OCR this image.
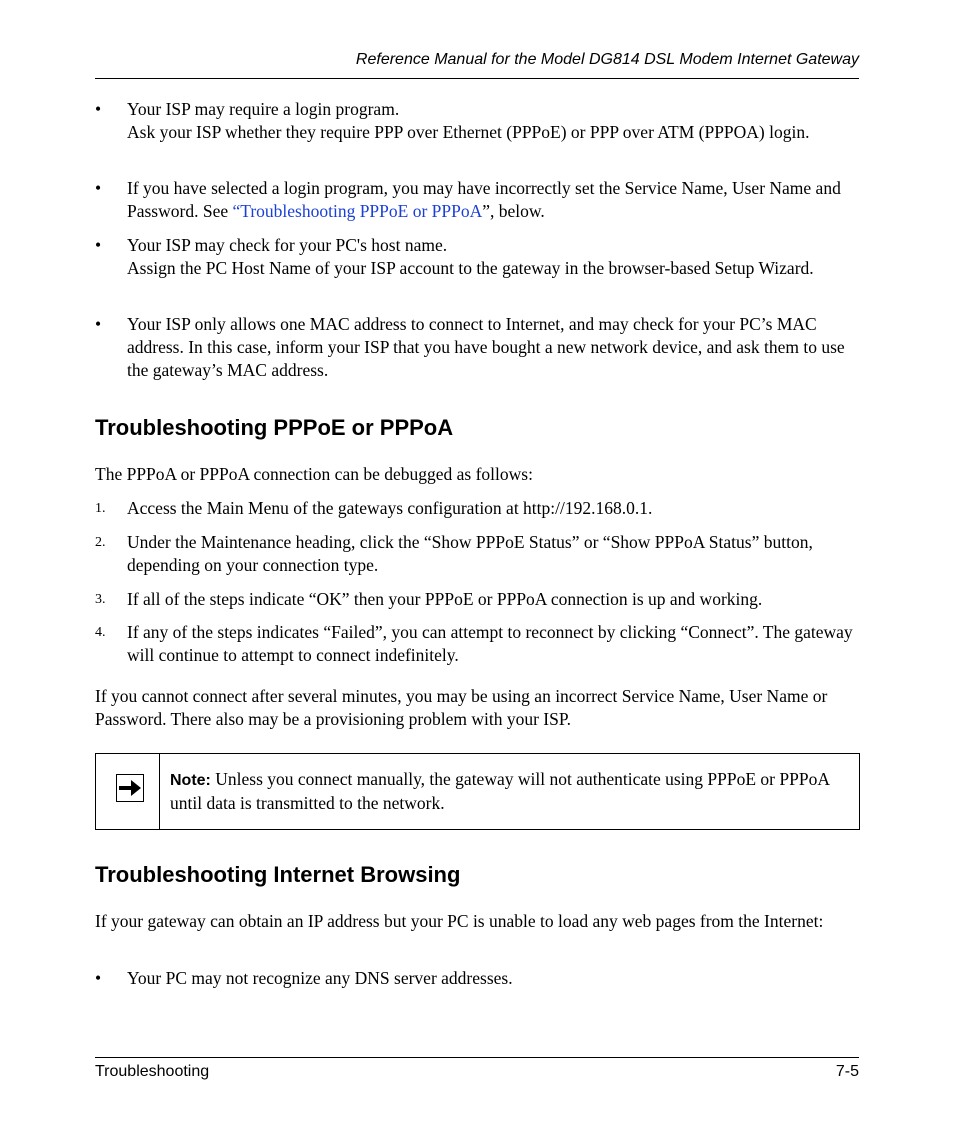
Reference Manual for the Model DG814 DSL Modem Internet Gateway
•	Your ISP may require a login program.
Ask your ISP whether they require PPP over Ethernet (PPPoE) or PPP over ATM (PPPOA) login.
•	If you have selected a login program, you may have incorrectly set the Service Name, User Name and Password. See “Troubleshooting PPPoE or PPPoA”, below.
•	Your ISP may check for your PC's host name.
Assign the PC Host Name of your ISP account to the gateway in the browser-based Setup Wizard.
•	Your ISP only allows one MAC address to connect to Internet, and may check for your PC’s MAC address. In this case, inform your ISP that you have bought a new network device, and ask them to use the gateway’s MAC address.
Troubleshooting PPPoE or PPPoA
The PPPoA or PPPoA connection can be debugged as follows:
1.	Access the Main Menu of the gateways configuration at http://192.168.0.1.
2.	Under the Maintenance heading, click the “Show PPPoE Status” or “Show PPPoA Status” button, depending on your connection type.
3.	If all of the steps indicate “OK” then your PPPoE or PPPoA connection is up and working.
4.	If any of the steps indicates “Failed”, you can attempt to reconnect by clicking “Connect”. The gateway will continue to attempt to connect indefinitely.
If you cannot connect after several minutes, you may be using an incorrect Service Name, User Name or Password. There also may be a provisioning problem with your ISP.
Note: Unless you connect manually, the gateway will not authenticate using PPPoE or PPPoA until data is transmitted to the network.
Troubleshooting Internet Browsing
If your gateway can obtain an IP address but your PC is unable to load any web pages from the Internet:
•	Your PC may not recognize any DNS server addresses.
Troubleshooting	7-5
